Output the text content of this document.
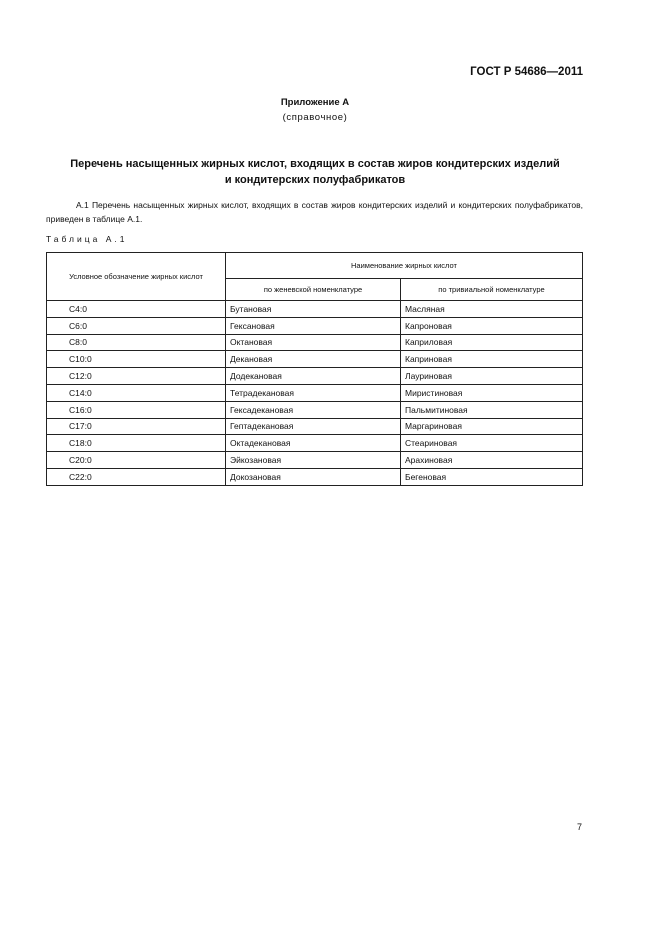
ГОСТ Р 54686—2011
Приложение А
(справочное)
Перечень насыщенных жирных кислот, входящих в состав жиров кондитерских изделий
и кондитерских полуфабрикатов

А.1 Перечень насыщенных жирных кислот, входящих в состав жиров кондитерских изделий и кондитерских полуфабрикатов, приведен в таблице А.1.

Таблица А.1
Условное обозначение жирных кислот	Наименование жирных кислот	
	по женевской номенклатуре	по тривиальной номенклатуре
C4:0	Бутановая	Масляная
C6:0	Гексановая	Капроновая
C8:0	Октановая	Каприловая
C10:0	Декановая	Каприновая
C12:0	Додекановая	Лауриновая
C14:0	Тетрадекановая	Миристиновая
C16:0	Гексадекановая	Пальмитиновая
C17:0	Гептадекановая	Маргариновая
C18:0	Октадекановая	Стеариновая
C20:0	Эйкозановая	Арахиновая
C22:0	Докозановая	Бегеновая
7
